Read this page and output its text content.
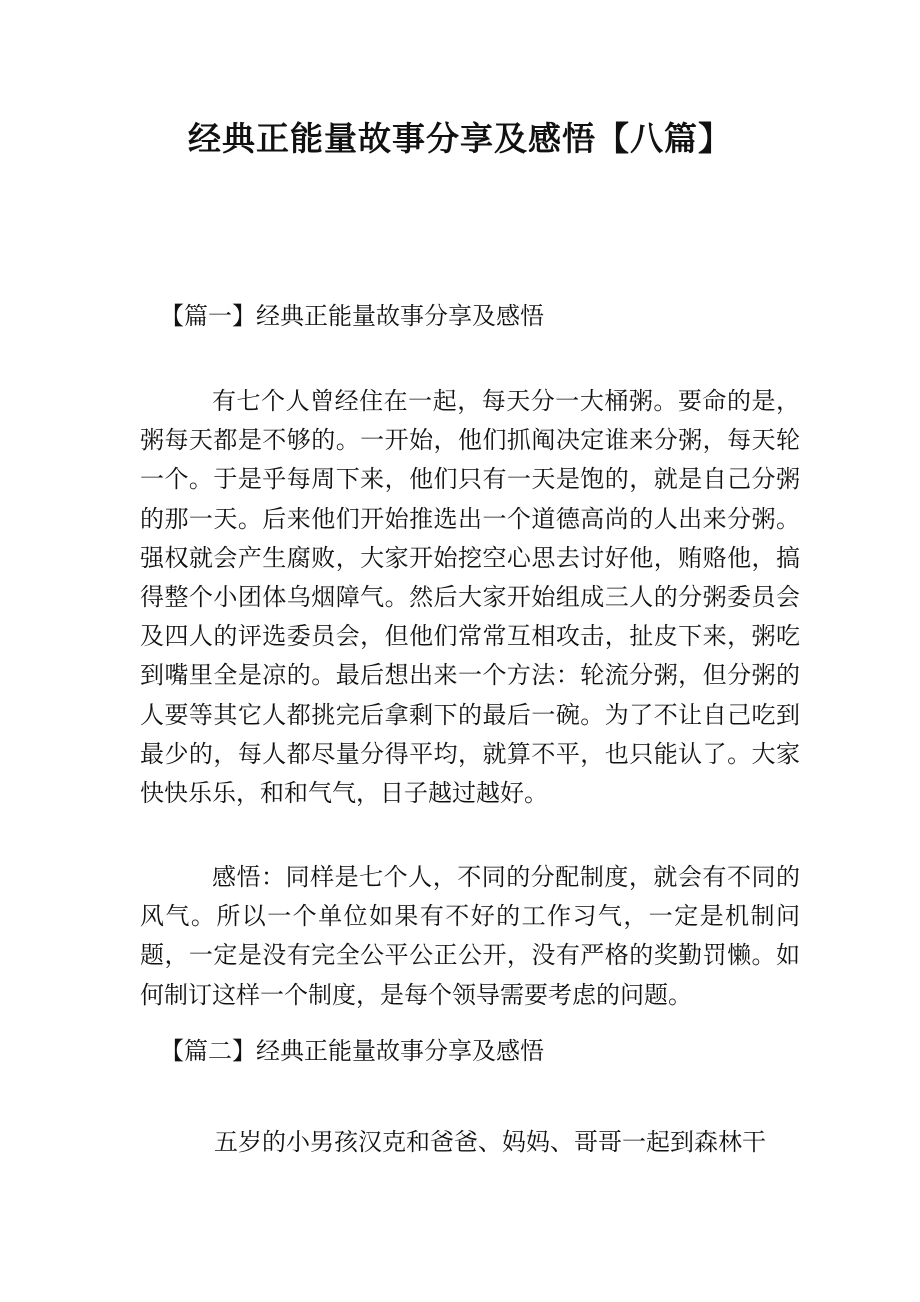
经典正能量故事分享及感悟【八篇】
【篇一】经典正能量故事分享及感悟
有七个人曾经住在一起，每天分一大桶粥。要命的是，粥每天都是不够的。一开始，他们抓阄决定谁来分粥，每天轮一个。于是乎每周下来，他们只有一天是饱的，就是自己分粥的那一天。后来他们开始推选出一个道德高尚的人出来分粥。强权就会产生腐败，大家开始挖空心思去讨好他，贿赂他，搞得整个小团体乌烟障气。然后大家开始组成三人的分粥委员会及四人的评选委员会，但他们常常互相攻击，扯皮下来，粥吃到嘴里全是凉的。最后想出来一个方法：轮流分粥，但分粥的人要等其它人都挑完后拿剩下的最后一碗。为了不让自己吃到最少的，每人都尽量分得平均，就算不平，也只能认了。大家快快乐乐，和和气气，日子越过越好。
感悟：同样是七个人，不同的分配制度，就会有不同的风气。所以一个单位如果有不好的工作习气，一定是机制问题，一定是没有完全公平公正公开，没有严格的奖勤罚懒。如何制订这样一个制度，是每个领导需要考虑的问题。
【篇二】经典正能量故事分享及感悟
五岁的小男孩汉克和爸爸、妈妈、哥哥一起到森林干
